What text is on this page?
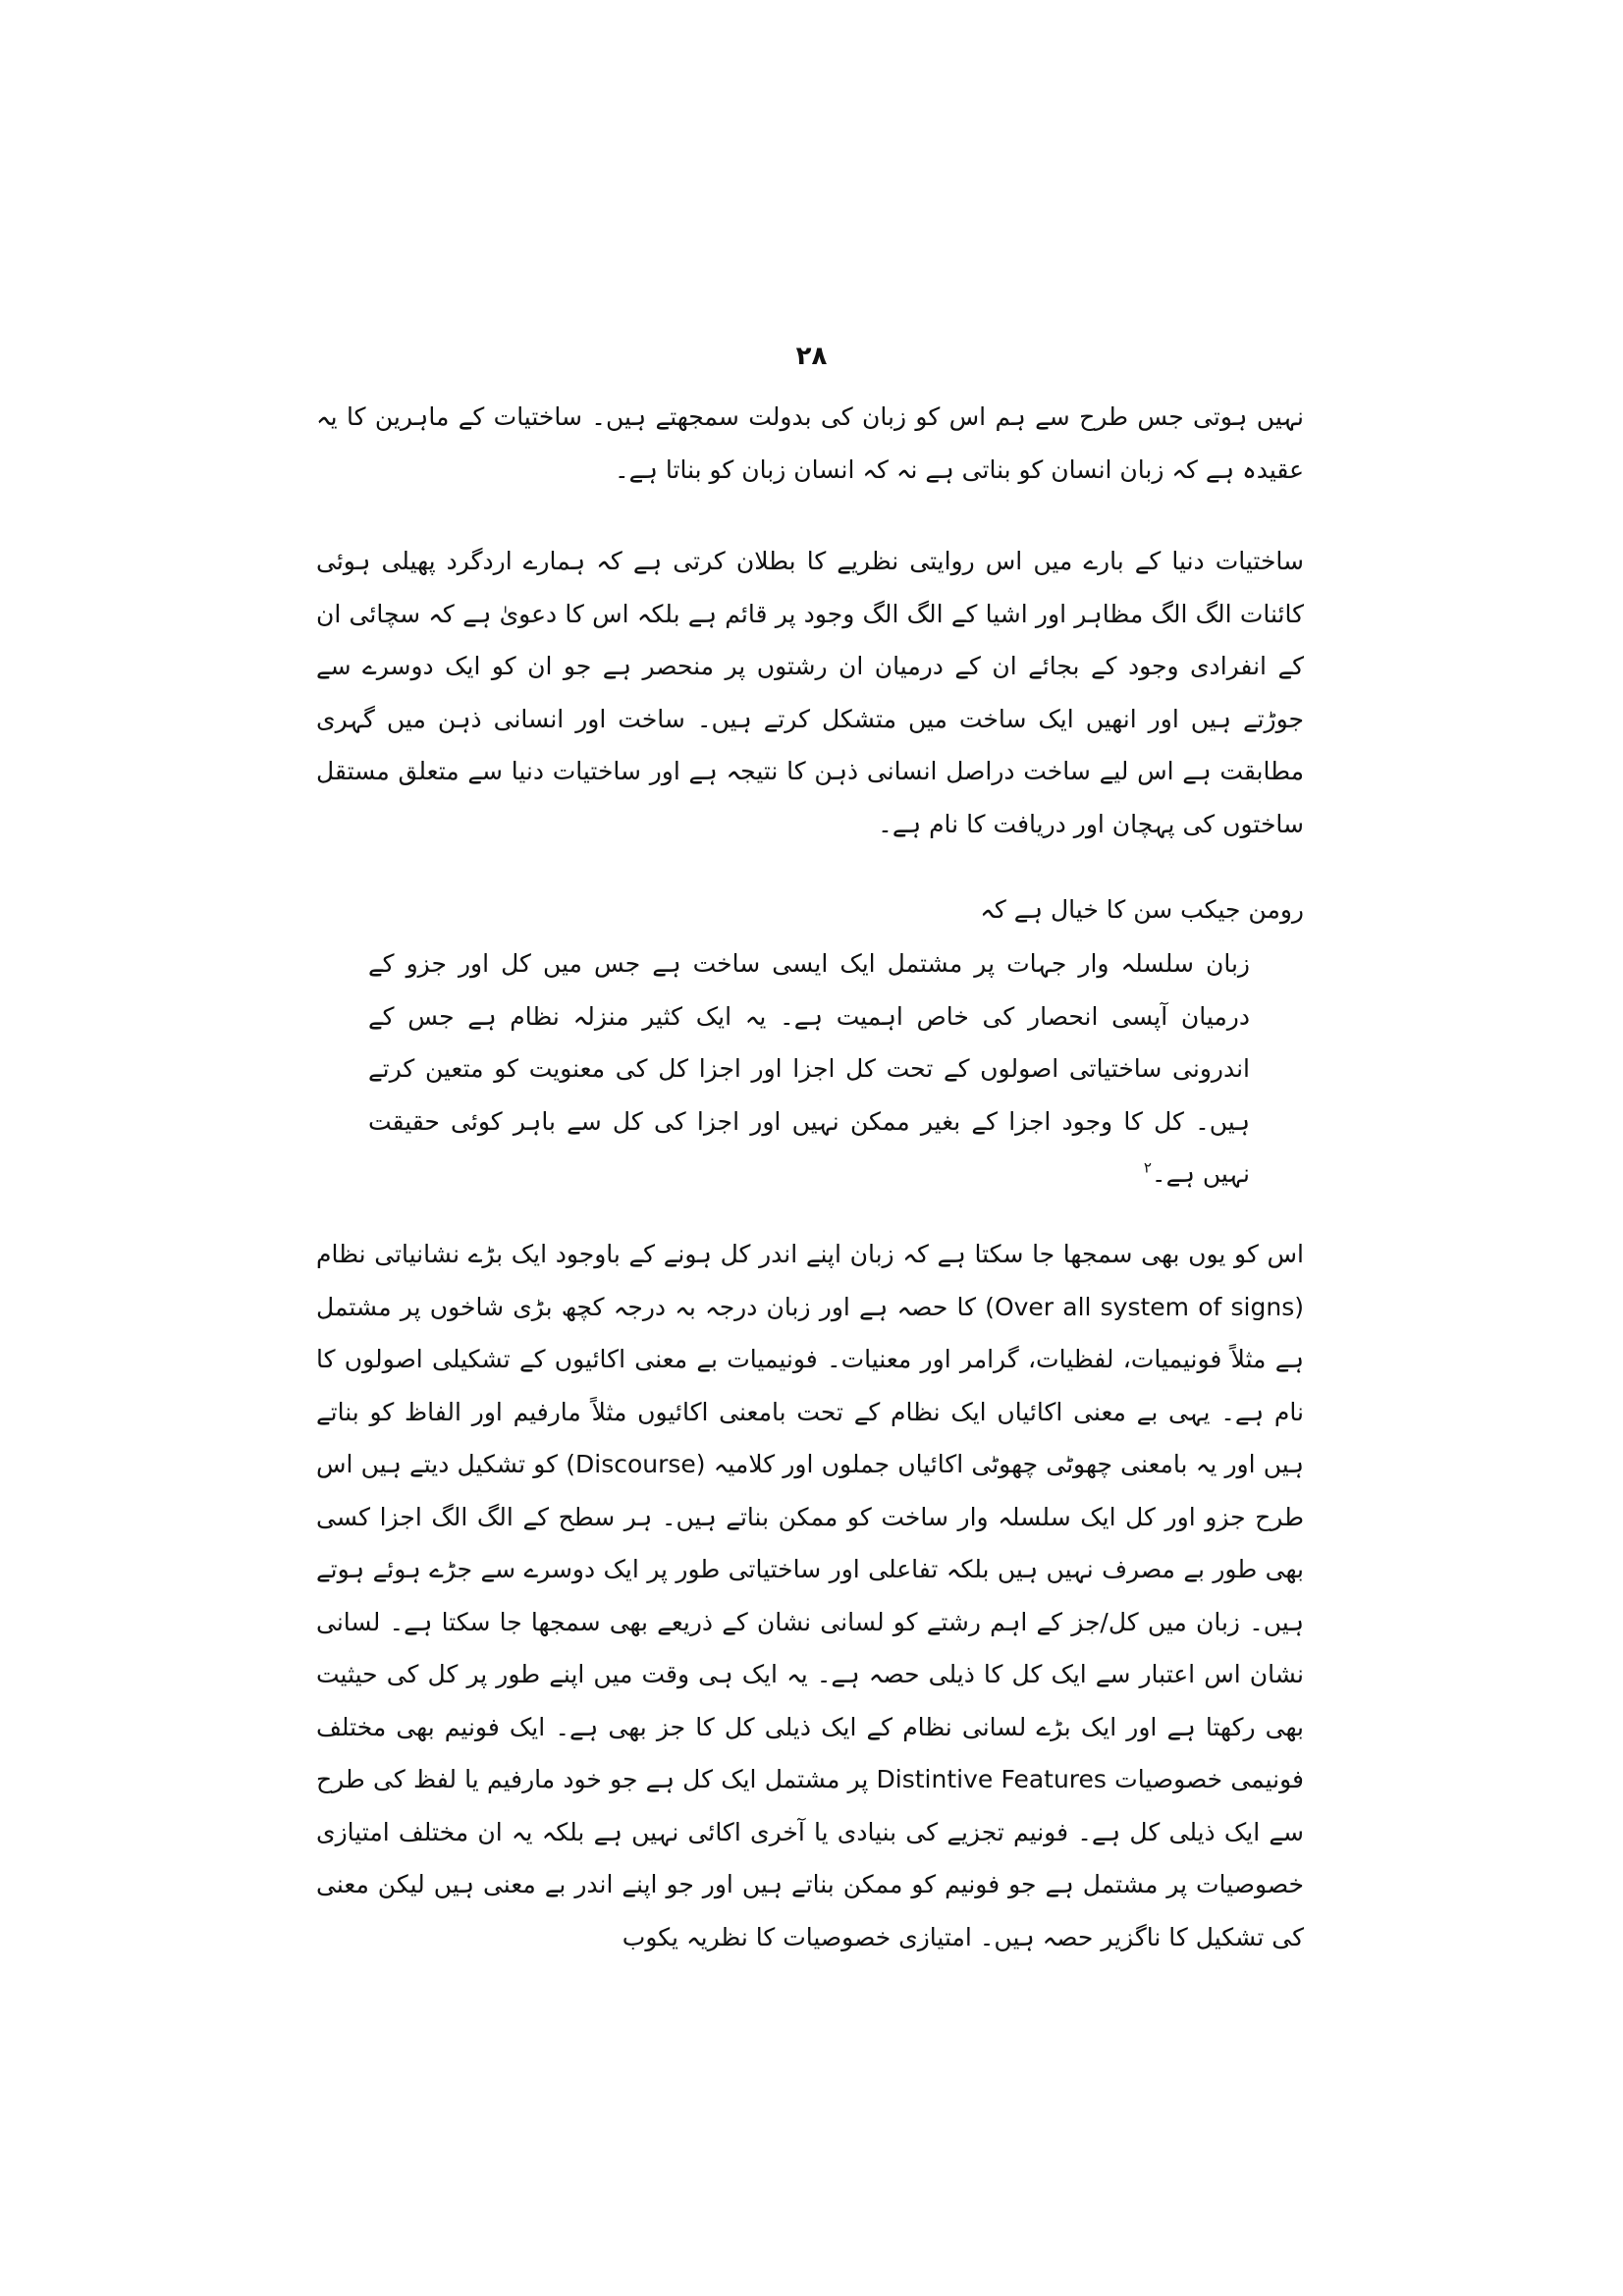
۲۸

نہیں ہوتی جس طرح سے ہم اس کو زبان کی بدولت سمجھتے ہیں۔ ساختیات کے ماہرین کا یہ عقیدہ ہے کہ زبان انسان کو بناتی ہے نہ کہ انسان زبان کو بناتا ہے۔

ساختیات دنیا کے بارے میں اس روایتی نظریے کا بطلان کرتی ہے کہ ہمارے اردگرد پھیلی ہوئی کائنات الگ الگ مظاہر اور اشیا کے الگ الگ وجود پر قائم ہے بلکہ اس کا دعویٰ ہے کہ سچائی ان کے انفرادی وجود کے بجائے ان کے درمیان ان رشتوں پر منحصر ہے جو ان کو ایک دوسرے سے جوڑتے ہیں اور انھیں ایک ساخت میں متشکل کرتے ہیں۔ ساخت اور انسانی ذہن میں گہری مطابقت ہے اس لیے ساخت دراصل انسانی ذہن کا نتیجہ ہے اور ساختیات دنیا سے متعلق مستقل ساختوں کی پہچان اور دریافت کا نام ہے۔

رومن جیکب سن کا خیال ہے کہ

زبان سلسلہ وار جہات پر مشتمل ایک ایسی ساخت ہے جس میں کل اور جزو کے درمیان آپسی انحصار کی خاص اہمیت ہے۔ یہ ایک کثیر منزلہ نظام ہے جس کے اندرونی ساختیاتی اصولوں کے تحت کل اجزا اور اجزا کل کی معنویت کو متعین کرتے ہیں۔ کل کا وجود اجزا کے بغیر ممکن نہیں اور اجزا کی کل سے باہر کوئی حقیقت نہیں ہے۔$^۲$

اس کو یوں بھی سمجھا جا سکتا ہے کہ زبان اپنے اندر کل ہونے کے باوجود ایک بڑے نشانیاتی نظام (Over all system of signs) کا حصہ ہے اور زبان درجہ بہ درجہ کچھ بڑی شاخوں پر مشتمل ہے مثلاً فونیمیات، لفظیات، گرامر اور معنیات۔ فونیمیات بے معنی اکائیوں کے تشکیلی اصولوں کا نام ہے۔ یہی بے معنی اکائیاں ایک نظام کے تحت بامعنی اکائیوں مثلاً مارفیم اور الفاظ کو بناتے ہیں اور یہ بامعنی چھوٹی چھوٹی اکائیاں جملوں اور کلامیہ (Discourse) کو تشکیل دیتے ہیں اس طرح جزو اور کل ایک سلسلہ وار ساخت کو ممکن بناتے ہیں۔ ہر سطح کے الگ الگ اجزا کسی بھی طور بے مصرف نہیں ہیں بلکہ تفاعلی اور ساختیاتی طور پر ایک دوسرے سے جڑے ہوئے ہوتے ہیں۔ زبان میں کل/جز کے اہم رشتے کو لسانی نشان کے ذریعے بھی سمجھا جا سکتا ہے۔ لسانی نشان اس اعتبار سے ایک کل کا ذیلی حصہ ہے۔ یہ ایک ہی وقت میں اپنے طور پر کل کی حیثیت بھی رکھتا ہے اور ایک بڑے لسانی نظام کے ایک ذیلی کل کا جز بھی ہے۔ ایک فونیم بھی مختلف فونیمی خصوصیات Distintive Features پر مشتمل ایک کل ہے جو خود مارفیم یا لفظ کی طرح سے ایک ذیلی کل ہے۔ فونیم تجزیے کی بنیادی یا آخری اکائی نہیں ہے بلکہ یہ ان مختلف امتیازی خصوصیات پر مشتمل ہے جو فونیم کو ممکن بناتے ہیں اور جو اپنے اندر بے معنی ہیں لیکن معنی کی تشکیل کا ناگزیر حصہ ہیں۔ امتیازی خصوصیات کا نظریہ یکوب
